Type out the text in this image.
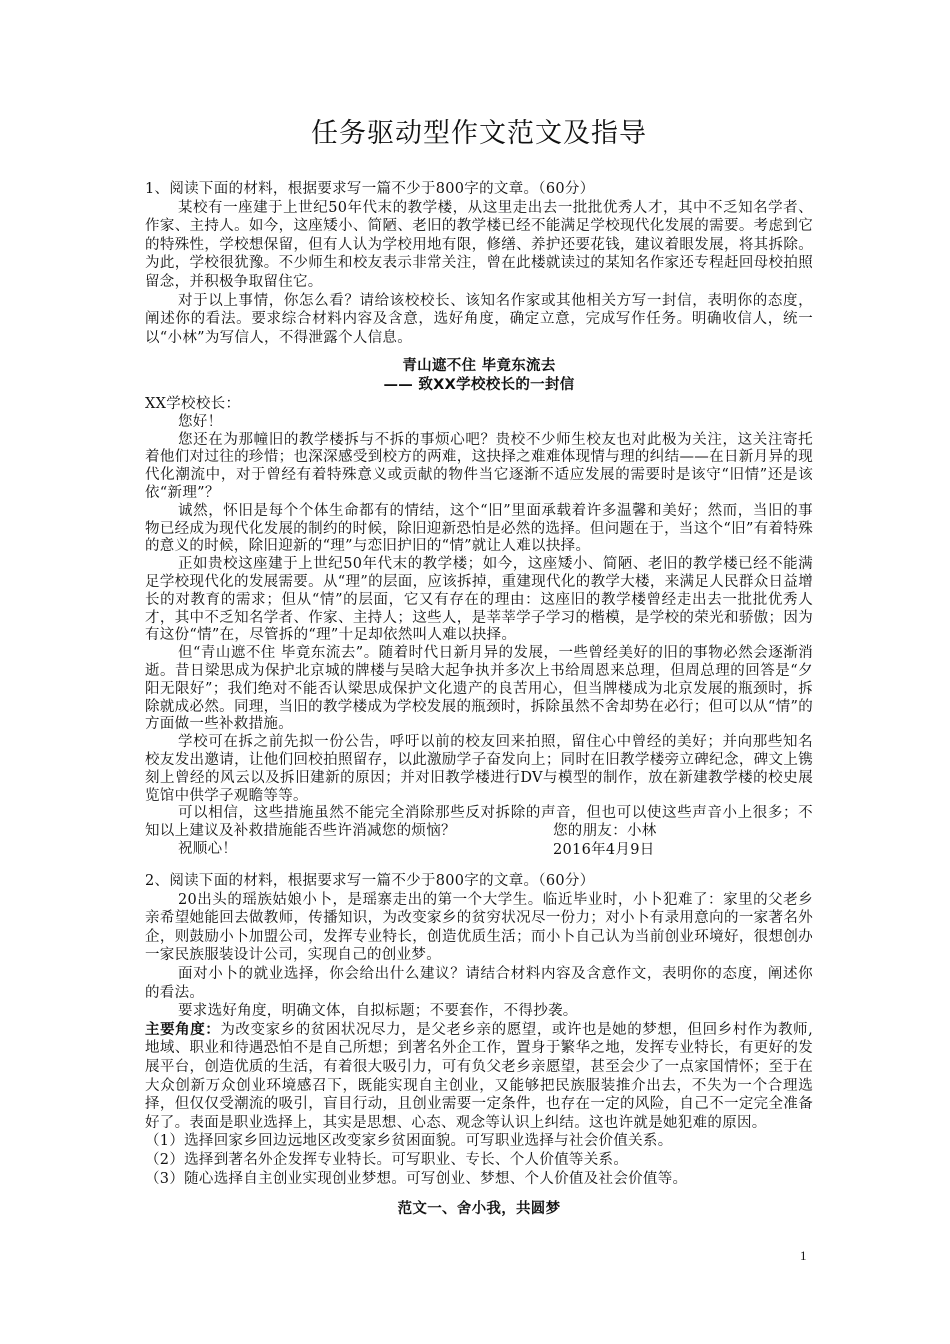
任务驱动型作文范文及指导

1、阅读下面的材料，根据要求写一篇不少于800字的文章。（60分）

某校有一座建于上世纪50年代末的教学楼，从这里走出去一批批优秀人才，其中不乏知名学者、作家、主持人。如今，这座矮小、简陋、老旧的教学楼已经不能满足学校现代化发展的需要。考虑到它的特殊性，学校想保留，但有人认为学校用地有限，修缮、养护还要花钱，建议着眼发展，将其拆除。为此，学校很犹豫。不少师生和校友表示非常关注，曾在此楼就读过的某知名作家还专程赶回母校拍照留念，并积极争取留住它。

对于以上事情，你怎么看？请给该校校长、该知名作家或其他相关方写一封信，表明你的态度，阐述你的看法。要求综合材料内容及含意，选好角度，确定立意，完成写作任务。明确收信人，统一以“小林”为写信人，不得泄露个人信息。

青山遮不住 毕竟东流去

—— 致XX学校校长的一封信

XX学校校长：

您好！

您还在为那幢旧的教学楼拆与不拆的事烦心吧？贵校不少师生校友也对此极为关注，这关注寄托着他们对过往的珍惜；也深深感受到校方的两难，这抉择之难难体现情与理的纠结——在日新月异的现代化潮流中，对于曾经有着特殊意义或贡献的物件当它逐渐不适应发展的需要时是该守“旧情”还是该依“新理”？

诚然，怀旧是每个个体生命都有的情结，这个“旧”里面承载着许多温馨和美好；然而，当旧的事物已经成为现代化发展的制约的时候，除旧迎新恐怕是必然的选择。但问题在于，当这个“旧”有着特殊的意义的时候，除旧迎新的“理”与恋旧护旧的“情”就让人难以抉择。

正如贵校这座建于上世纪50年代末的教学楼；如今，这座矮小、简陋、老旧的教学楼已经不能满足学校现代化的发展需要。从“理”的层面，应该拆掉，重建现代化的教学大楼，来满足人民群众日益增长的对教育的需求；但从“情”的层面，它又有存在的理由：这座旧的教学楼曾经走出去一批批优秀人才，其中不乏知名学者、作家、主持人；这些人，是莘莘学子学习的楷模，是学校的荣光和骄傲；因为有这份“情”在，尽管拆的“理”十足却依然叫人难以抉择。

但“青山遮不住 毕竟东流去”。随着时代日新月异的发展，一些曾经美好的旧的事物必然会逐渐消逝。昔日梁思成为保护北京城的牌楼与吴晗大起争执并多次上书给周恩来总理，但周总理的回答是“夕阳无限好”；我们绝对不能否认梁思成保护文化遗产的良苦用心，但当牌楼成为北京发展的瓶颈时，拆除就成必然。同理，当旧的教学楼成为学校发展的瓶颈时，拆除虽然不舍却势在必行；但可以从“情”的方面做一些补救措施。

学校可在拆之前先拟一份公告，呼吁以前的校友回来拍照，留住心中曾经的美好；并向那些知名校友发出邀请，让他们回校拍照留存，以此激励学子奋发向上；同时在旧教学楼旁立碑纪念，碑文上镌刻上曾经的风云以及拆旧建新的原因；并对旧教学楼进行DV与模型的制作，放在新建教学楼的校史展览馆中供学子观瞻等等。

可以相信，这些措施虽然不能完全消除那些反对拆除的声音，但也可以使这些声音小上很多；不知以上建议及补救措施能否些许消减您的烦恼？

祝顺心！

您的朋友：小林

2016年4月9日

2、阅读下面的材料，根据要求写一篇不少于800字的文章。（60分）

20出头的瑶族姑娘小卜，是瑶寨走出的第一个大学生。临近毕业时，小卜犯难了：家里的父老乡亲希望她能回去做教师，传播知识，为改变家乡的贫穷状况尽一份力；对小卜有录用意向的一家著名外企，则鼓励小卜加盟公司，发挥专业特长，创造优质生活；而小卜自己认为当前创业环境好，很想创办一家民族服装设计公司，实现自己的创业梦。

面对小卜的就业选择，你会给出什么建议？请结合材料内容及含意作文，表明你的态度，阐述你的看法。

要求选好角度，明确文体，自拟标题；不要套作，不得抄袭。

主要角度：为改变家乡的贫困状况尽力，是父老乡亲的愿望，或许也是她的梦想，但回乡村作为教师,地域、职业和待遇恐怕不是自己所想；到著名外企工作，置身于繁华之地，发挥专业特长，有更好的发展平台，创造优质的生活，有着很大吸引力，可有负父老乡亲愿望，甚至会少了一点家国情怀；至于在大众创新万众创业环境感召下，既能实现自主创业，又能够把民族服装推介出去，不失为一个合理选择，但仅仅受潮流的吸引，盲目行动，且创业需要一定条件，也存在一定的风险，自己不一定完全准备好了。表面是职业选择上，其实是思想、心态、观念等认识上纠结。这也许就是她犯难的原因。

（1）选择回家乡回边远地区改变家乡贫困面貌。可写职业选择与社会价值关系。

（2）选择到著名外企发挥专业特长。可写职业、专长、个人价值等关系。

（3）随心选择自主创业实现创业梦想。可写创业、梦想、个人价值及社会价值等。

范文一、舍小我，共圆梦

1
